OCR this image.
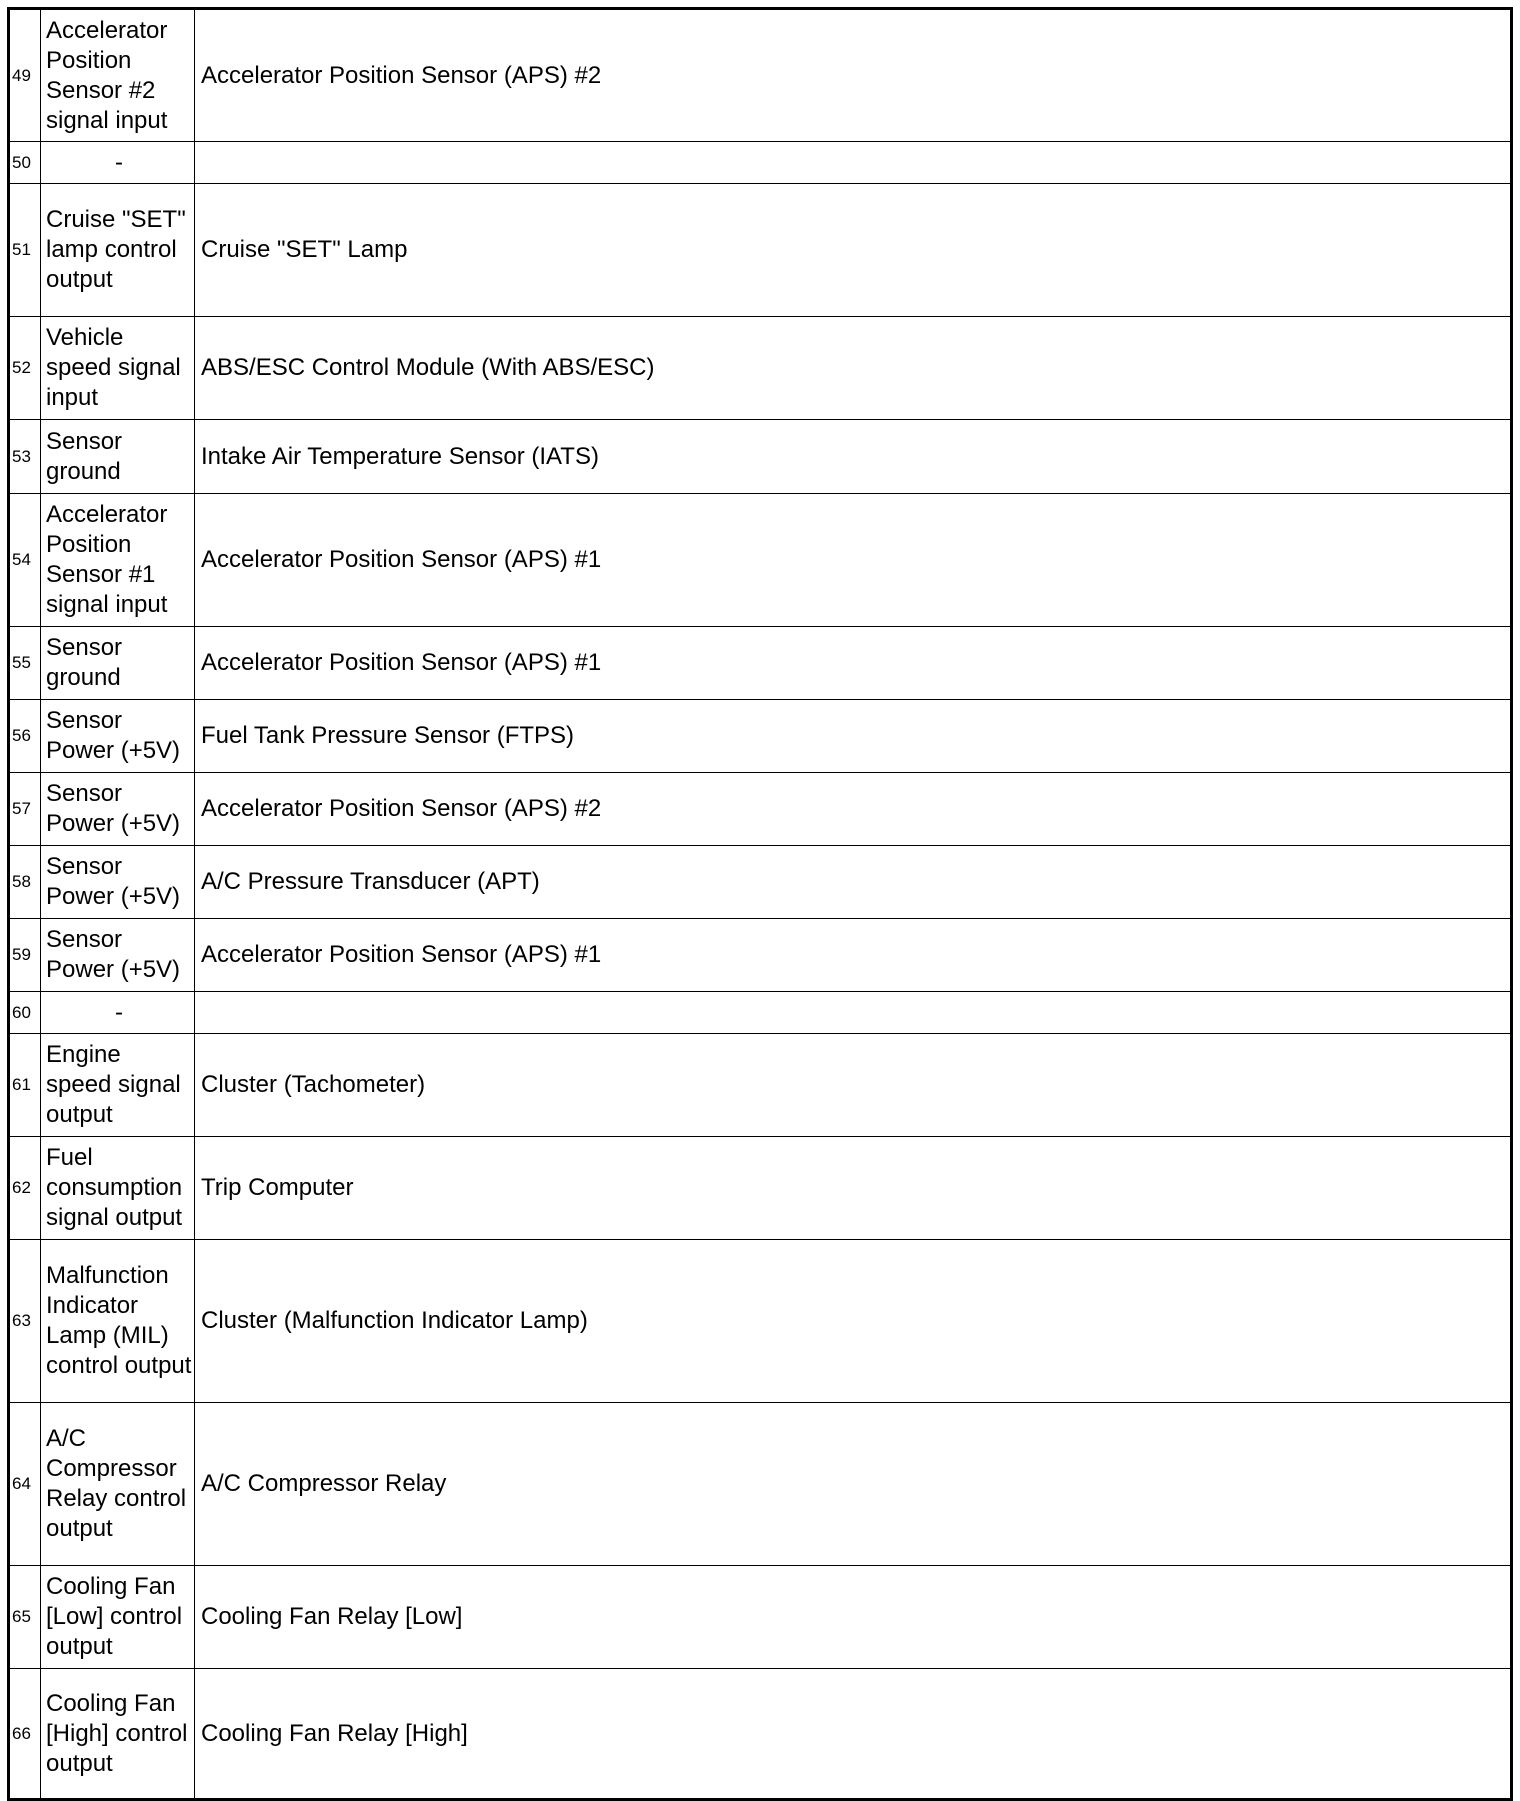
49	Accelerator Position Sensor #2 signal input	Accelerator Position Sensor (APS) #2
50	-	
51	Cruise "SET" lamp control output	Cruise "SET" Lamp
52	Vehicle speed signal input	ABS/ESC Control Module (With ABS/ESC)
53	Sensor ground	Intake Air Temperature Sensor (IATS)
54	Accelerator Position Sensor #1 signal input	Accelerator Position Sensor (APS) #1
55	Sensor ground	Accelerator Position Sensor (APS) #1
56	Sensor Power (+5V)	Fuel Tank Pressure Sensor (FTPS)
57	Sensor Power (+5V)	Accelerator Position Sensor (APS) #2
58	Sensor Power (+5V)	A/C Pressure Transducer (APT)
59	Sensor Power (+5V)	Accelerator Position Sensor (APS) #1
60	-	
61	Engine speed signal output	Cluster (Tachometer)
62	Fuel consumption signal output	Trip Computer
63	Malfunction Indicator Lamp (MIL) control output	Cluster (Malfunction Indicator Lamp)
64	A/C Compressor Relay control output	A/C Compressor Relay
65	Cooling Fan [Low] control output	Cooling Fan Relay [Low]
66	Cooling Fan [High] control output	Cooling Fan Relay [High]
